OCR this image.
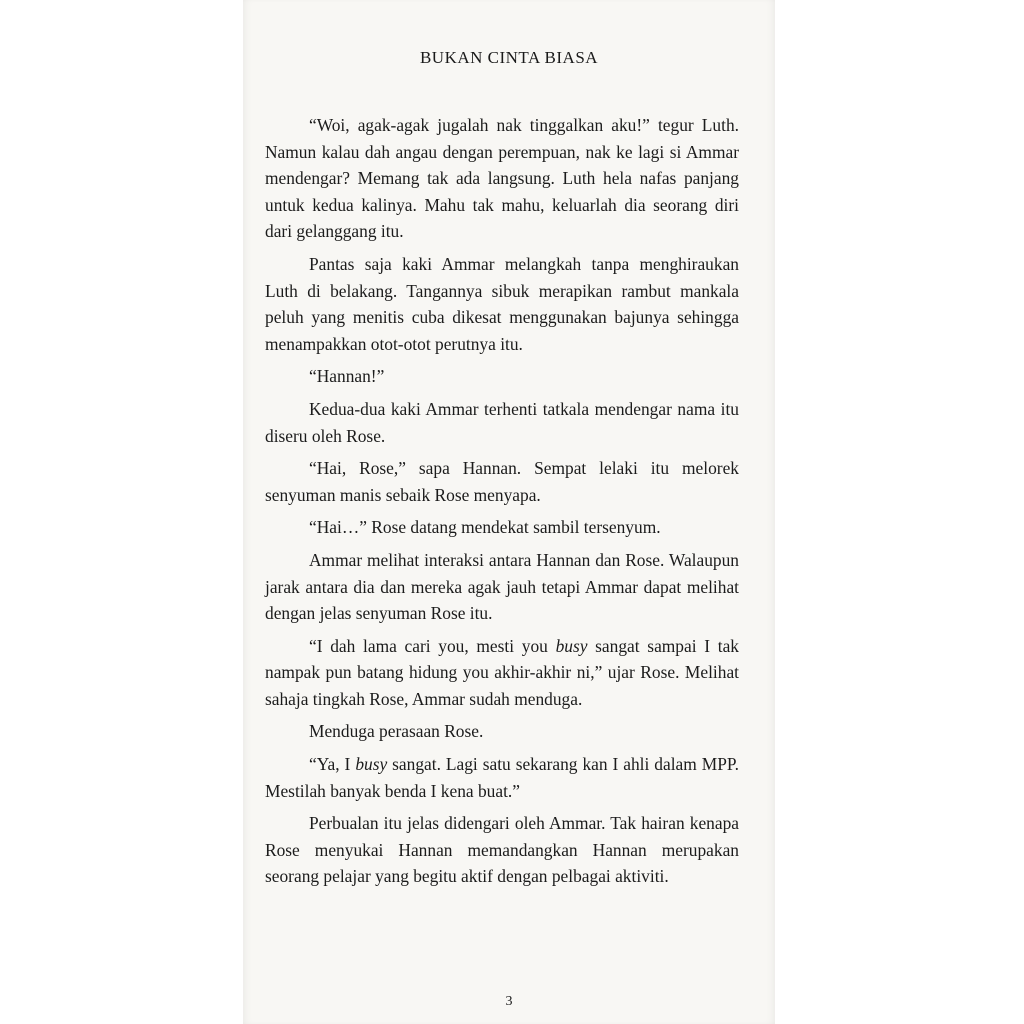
BUKAN CINTA BIASA

“Woi, agak-agak jugalah nak tinggalkan aku!” tegur Luth. Namun kalau dah angau dengan perempuan, nak ke lagi si Ammar mendengar? Memang tak ada langsung. Luth hela nafas panjang untuk kedua kalinya. Mahu tak mahu, keluarlah dia seorang diri dari gelanggang itu.

Pantas saja kaki Ammar melangkah tanpa menghiraukan Luth di belakang. Tangannya sibuk merapikan rambut mankala peluh yang menitis cuba dikesat menggunakan bajunya sehingga menampakkan otot-otot perutnya itu.

“Hannan!”

Kedua-dua kaki Ammar terhenti tatkala mendengar nama itu diseru oleh Rose.

“Hai, Rose,” sapa Hannan. Sempat lelaki itu melorek senyuman manis sebaik Rose menyapa.

“Hai…” Rose datang mendekat sambil tersenyum.

Ammar melihat interaksi antara Hannan dan Rose. Walaupun jarak antara dia dan mereka agak jauh tetapi Ammar dapat melihat dengan jelas senyuman Rose itu.

“I dah lama cari you, mesti you busy sangat sampai I tak nampak pun batang hidung you akhir-akhir ni,” ujar Rose. Melihat sahaja tingkah Rose, Ammar sudah menduga.

Menduga perasaan Rose.

“Ya, I busy sangat. Lagi satu sekarang kan I ahli dalam MPP. Mestilah banyak benda I kena buat.”

Perbualan itu jelas didengari oleh Ammar. Tak hairan kenapa Rose menyukai Hannan memandangkan Hannan merupakan seorang pelajar yang begitu aktif dengan pelbagai aktiviti.

3
